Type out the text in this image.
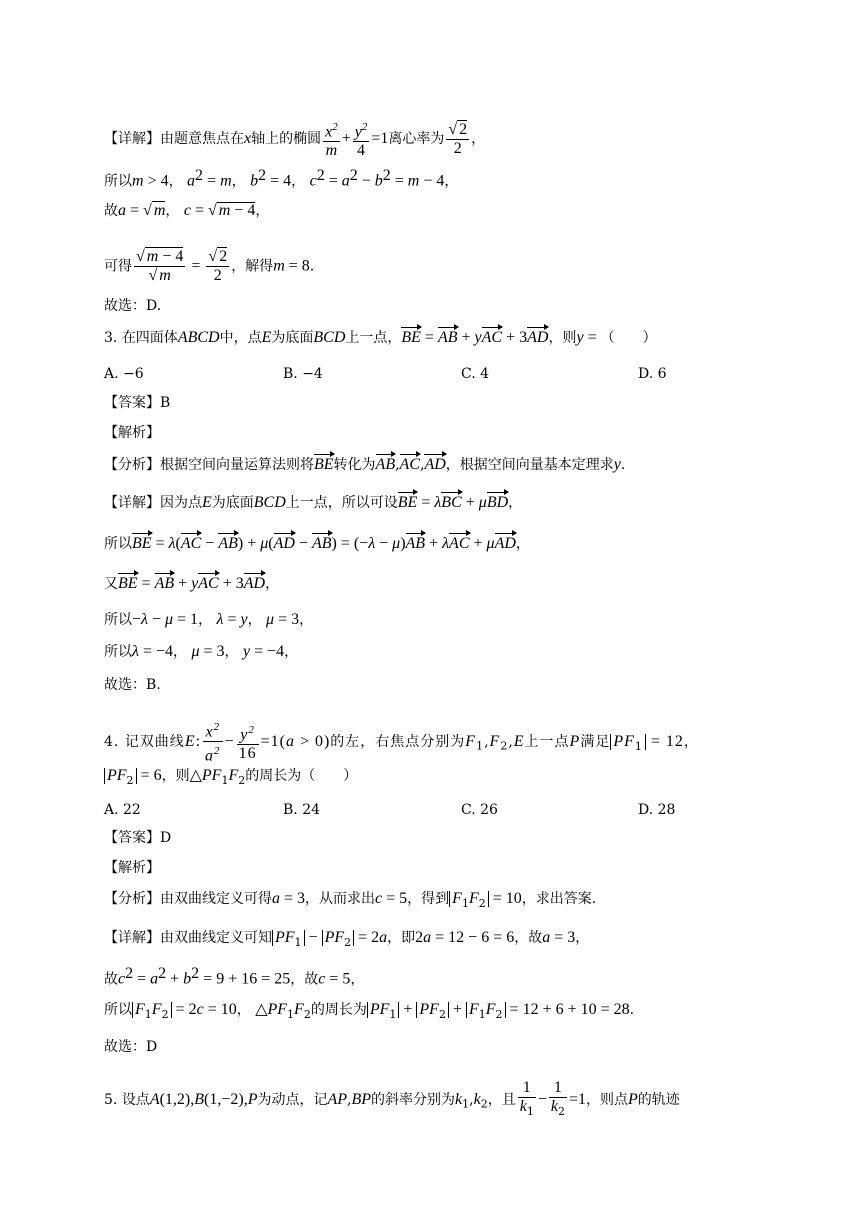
【详解】由题意焦点在x轴上的椭圆 $\frac{x^2}{m} + \frac{y^2}{4} =1$离心率为 $\frac{√ 2}{2}$ ，
所以m > 4， $a^2 = m$， $b^2 = 4$， $c^2 = a^2 - b^2 = m - 4$，
故a = √ m， c = √ m − 4，
可得 $\frac{√ m - 4}{√ m} = \frac{√ 2}{2}$ ，解得m = 8.
故选：D.
3. 在四面体ABCD中，点E为底面BCD上一点，BE = AB + yAC + 3AD，则y = （　　）
A. −6	B. −4	C. 4	D. 6
【答案】B
【解析】
【分析】根据空间向量运算法则将BE转化为AB,AC,AD，根据空间向量基本定理求y.
【详解】因为点E为底面BCD上一点，所以可设BE = λBC + μBD，
所以BE = λ(AC − AB) + μ(AD − AB) = (−λ − μ)AB + λAC + μAD，
又BE = AB + yAC + 3AD，
所以−λ − μ = 1， λ = y， μ = 3，
所以λ = −4， μ = 3， y = −4，
故选：B.
4. 记双曲线E: $\frac{x^2}{a^2} - \frac{y^2}{16} =1(a > 0)$的左，右焦点分别为$F_1,F_2,E$上一点P满足 $PF_1 = 12$，
$PF_2 = 6$，则$\triangle PF_1F_2$的周长为（　　）
A. 22	B. 24	C. 26	D. 28
【答案】D
【解析】
【分析】由双曲线定义可得a = 3，从而求出c = 5，得到 $F_1F_2 = 10$，求出答案.
【详解】由双曲线定义可知 $PF_1 - PF_2 = 2a$，即2a = 12 − 6 = 6，故a = 3，
故$c^2 = a^2 + b^2 = 9 + 16 = 25$，故c = 5，
所以 $F_1F_2 = 2c = 10$， $\triangle PF_1F_2$的周长为 $PF_1 + PF_2 + F_1F_2 = 12 + 6 + 10 = 28$.
故选：D
5. 设点A(1,2),B(1,−2),P为动点，记AP,BP的斜率分别为$k_1,k_2$，且 $\frac{1}{k_1} - \frac{1}{k_2} =1$，则点P的轨迹
